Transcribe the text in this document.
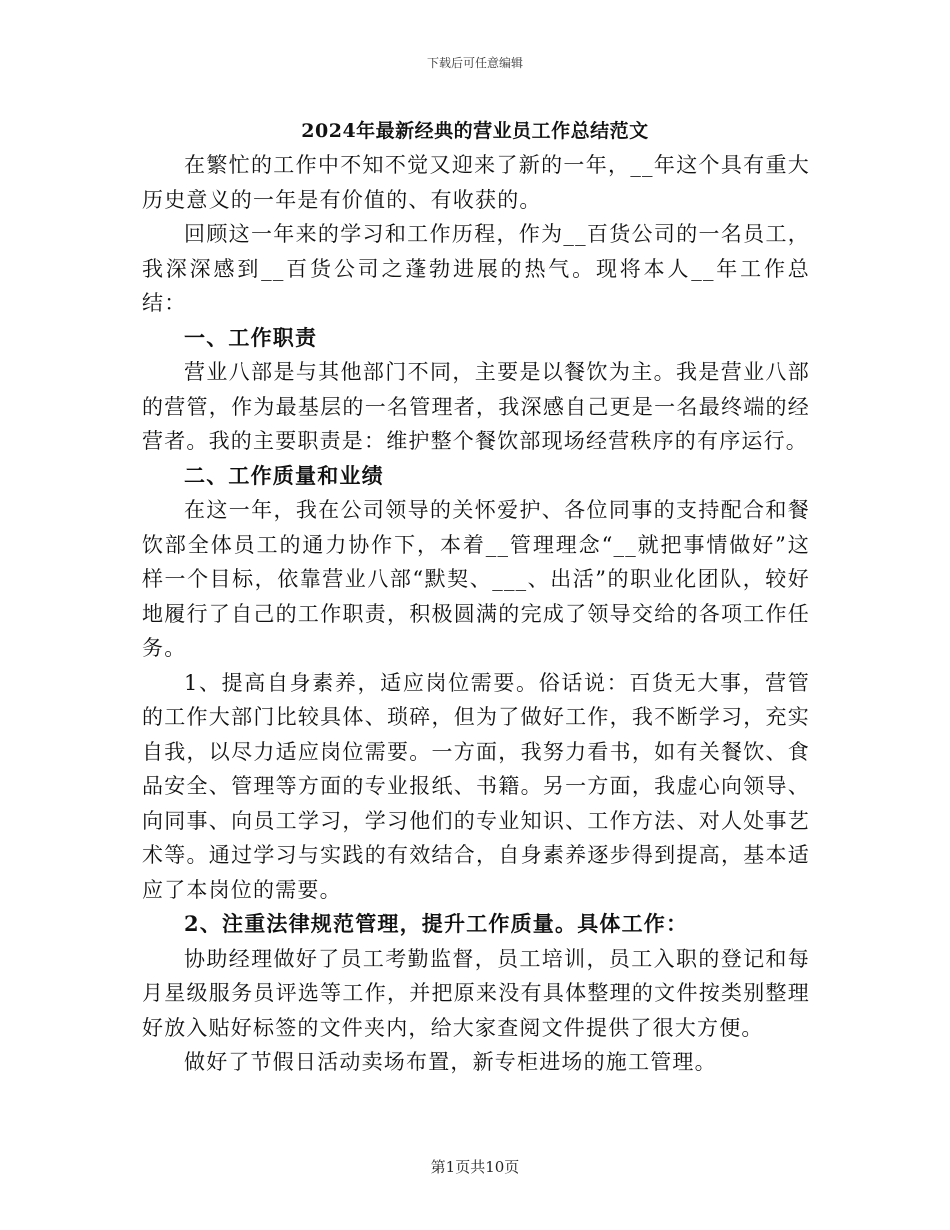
下载后可任意编辑
2024年最新经典的营业员工作总结范文

在繁忙的工作中不知不觉又迎来了新的一年，__年这个具有重大历史意义的一年是有价值的、有收获的。

回顾这一年来的学习和工作历程，作为__百货公司的一名员工，我深深感到__百货公司之蓬勃进展的热气。现将本人__年工作总结：

一、工作职责

营业八部是与其他部门不同，主要是以餐饮为主。我是营业八部的营管，作为最基层的一名管理者，我深感自己更是一名最终端的经营者。我的主要职责是：维护整个餐饮部现场经营秩序的有序运行。

二、工作质量和业绩

在这一年，我在公司领导的关怀爱护、各位同事的支持配合和餐饮部全体员工的通力协作下，本着__管理理念“__就把事情做好”这样一个目标，依靠营业八部“默契、___、出活”的职业化团队，较好地履行了自己的工作职责，积极圆满的完成了领导交给的各项工作任务。

1、提高自身素养，适应岗位需要。俗话说：百货无大事，营管的工作大部门比较具体、琐碎，但为了做好工作，我不断学习，充实自我，以尽力适应岗位需要。一方面，我努力看书，如有关餐饮、食品安全、管理等方面的专业报纸、书籍。另一方面，我虚心向领导、向同事、向员工学习，学习他们的专业知识、工作方法、对人处事艺术等。通过学习与实践的有效结合，自身素养逐步得到提高，基本适应了本岗位的需要。

2、注重法律规范管理，提升工作质量。具体工作：

协助经理做好了员工考勤监督，员工培训，员工入职的登记和每月星级服务员评选等工作，并把原来没有具体整理的文件按类别整理好放入贴好标签的文件夹内，给大家查阅文件提供了很大方便。

做好了节假日活动卖场布置，新专柜进场的施工管理。

第1页共10页
